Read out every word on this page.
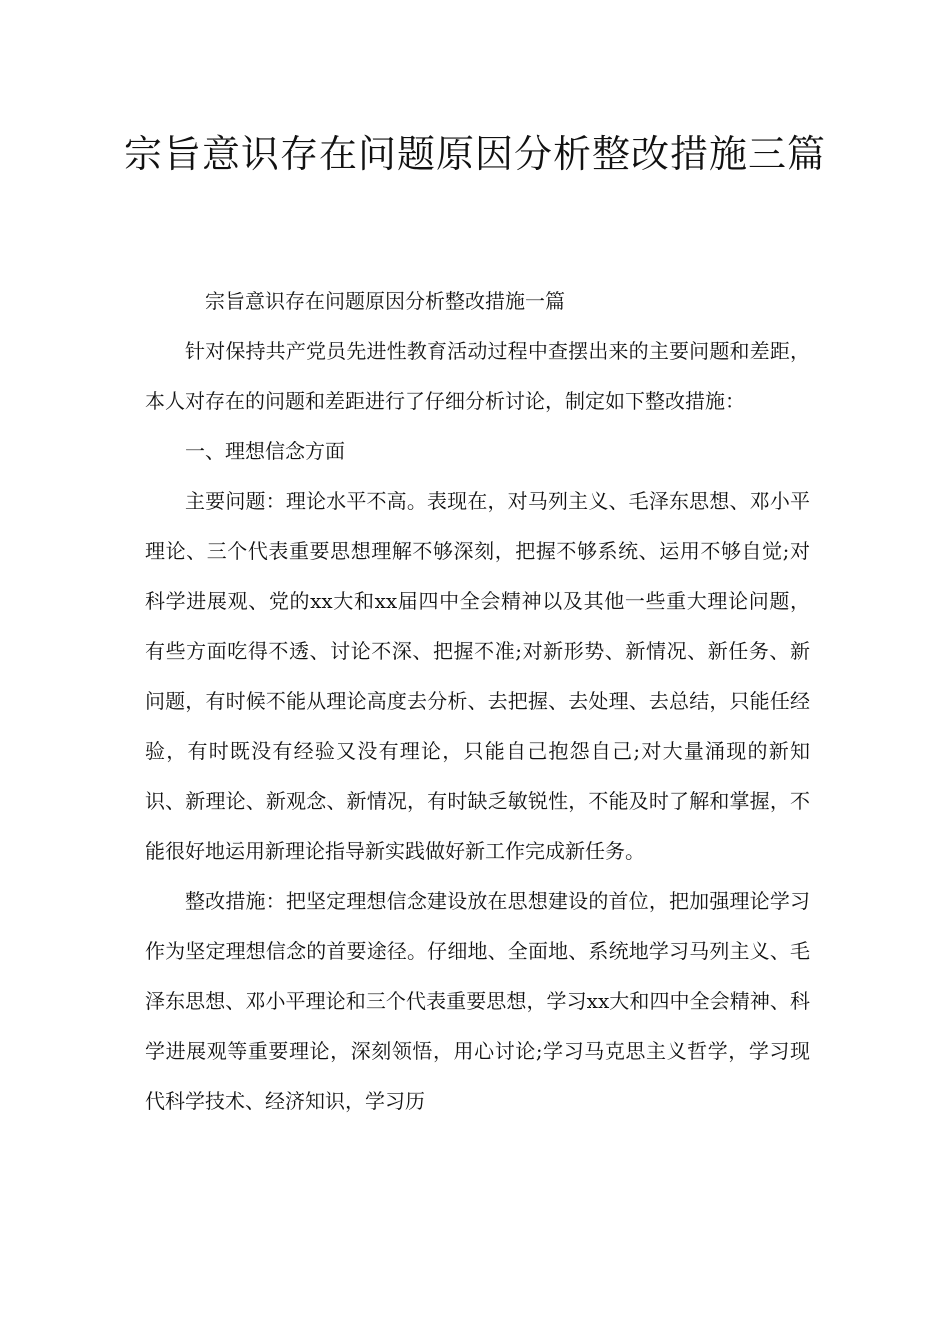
宗旨意识存在问题原因分析整改措施三篇

宗旨意识存在问题原因分析整改措施一篇

针对保持共产党员先进性教育活动过程中查摆出来的主要问题和差距，本人对存在的问题和差距进行了仔细分析讨论，制定如下整改措施：

一、理想信念方面

主要问题：理论水平不高。表现在，对马列主义、毛泽东思想、邓小平理论、三个代表重要思想理解不够深刻，把握不够系统、运用不够自觉;对科学进展观、党的xx大和xx届四中全会精神以及其他一些重大理论问题，有些方面吃得不透、讨论不深、把握不准;对新形势、新情况、新任务、新问题，有时候不能从理论高度去分析、去把握、去处理、去总结，只能任经验，有时既没有经验又没有理论，只能自己抱怨自己;对大量涌现的新知识、新理论、新观念、新情况，有时缺乏敏锐性，不能及时了解和掌握，不能很好地运用新理论指导新实践做好新工作完成新任务。

整改措施：把坚定理想信念建设放在思想建设的首位，把加强理论学习作为坚定理想信念的首要途径。仔细地、全面地、系统地学习马列主义、毛泽东思想、邓小平理论和三个代表重要思想，学习xx大和四中全会精神、科学进展观等重要理论，深刻领悟，用心讨论;学习马克思主义哲学，学习现代科学技术、经济知识，学习历
